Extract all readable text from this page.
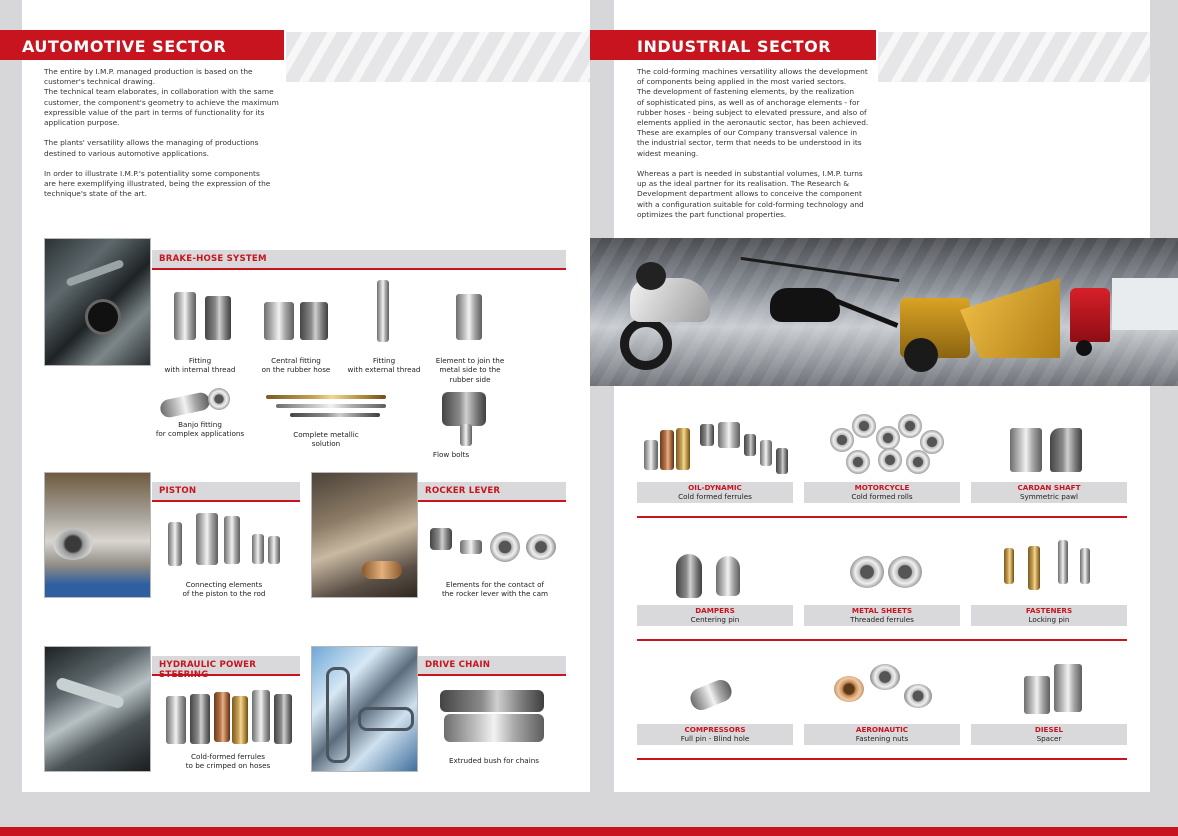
AUTOMOTIVE SECTOR

The entire by I.M.P. managed production is based on the
customer's technical drawing.
The technical team elaborates, in collaboration with the same
customer, the component's geometry to achieve the maximum
expressible value of the part in terms of functionality for its
application purpose.

The plants' versatility allows the managing of productions
destined to various automotive applications.

In order to illustrate I.M.P.'s potentiality some components
are here exemplifying illustrated, being the expression of the
technique's state of the art.

BRAKE-HOSE SYSTEM
Fitting
with internal thread
Central fitting
on the rubber hose
Fitting
with external thread
Element to join the
metal side to the
rubber side
Banjo fitting
for complex applications	Complete metallic
solution
Flow bolts
PISTON
Connecting elements
of the piston to the rod
ROCKER LEVER
Elements for the contact of
the rocker lever with the cam
HYDRAULIC POWER STEERING
Cold-formed ferrules
to be crimped on hoses
DRIVE CHAIN
Extruded bush for chains
INDUSTRIAL SECTOR

The cold-forming machines versatility allows the development
of components being applied in the most varied sectors.
The development of fastening elements, by the realization
of sophisticated pins, as well as of anchorage elements - for
rubber hoses - being subject to elevated pressure, and also of
elements applied in the aeronautic sector, has been achieved.
These are examples of our Company transversal valence in
the industrial sector, term that needs to be understood in its
widest meaning.

Whereas a part is needed in substantial volumes, I.M.P. turns
up as the ideal partner for its realisation. The Research &
Development department allows to conceive the component
with a configuration suitable for cold-forming technology and
optimizes the part functional properties.

OIL-DYNAMIC
Cold formed ferrules
MOTORCYCLE
Cold formed rolls
CARDAN SHAFT
Symmetric pawl
DAMPERS
Centering pin
METAL SHEETS
Threaded ferrules
FASTENERS
Locking pin
COMPRESSORS
Full pin - Blind hole
AERONAUTIC
Fastening nuts
DIESEL
Spacer
